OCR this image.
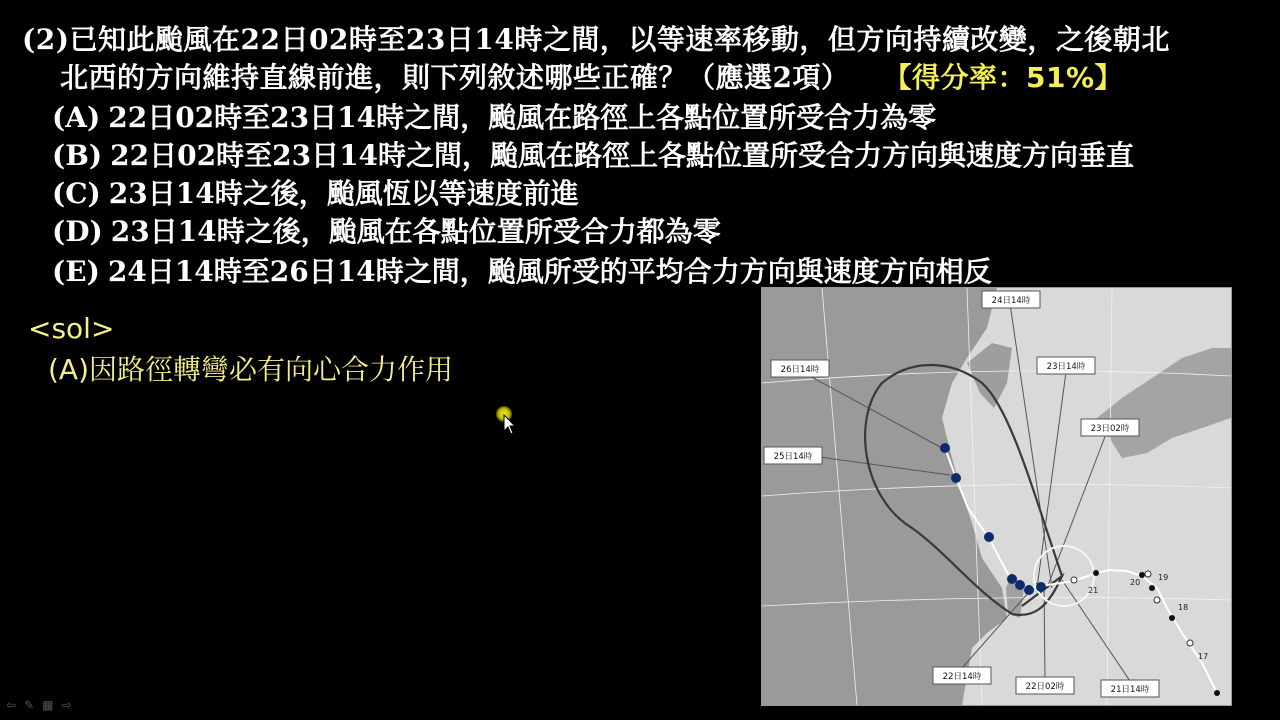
(2)已知此颱風在22日02時至23日14時之間，以等速率移動，但方向持續改變，之後朝北
北西的方向維持直線前進，則下列敘述哪些正確？（應選2項） 【得分率：51%】
(A) 22日02時至23日14時之間，颱風在路徑上各點位置所受合力為零
(B) 22日02時至23日14時之間，颱風在路徑上各點位置所受合力方向與速度方向垂直
(C) 23日14時之後，颱風恆以等速度前進
(D) 23日14時之後，颱風在各點位置所受合力都為零
(E) 24日14時至26日14時之間，颱風所受的平均合力方向與速度方向相反
<sol>
(A)因路徑轉彎必有向心合力作用
21
20
19
18
17
24日14時
26日14時	23日14時
23日02時
25日14時
22日14時
22日02時	21日14時
⇦ ✎ ▦ ⇨
